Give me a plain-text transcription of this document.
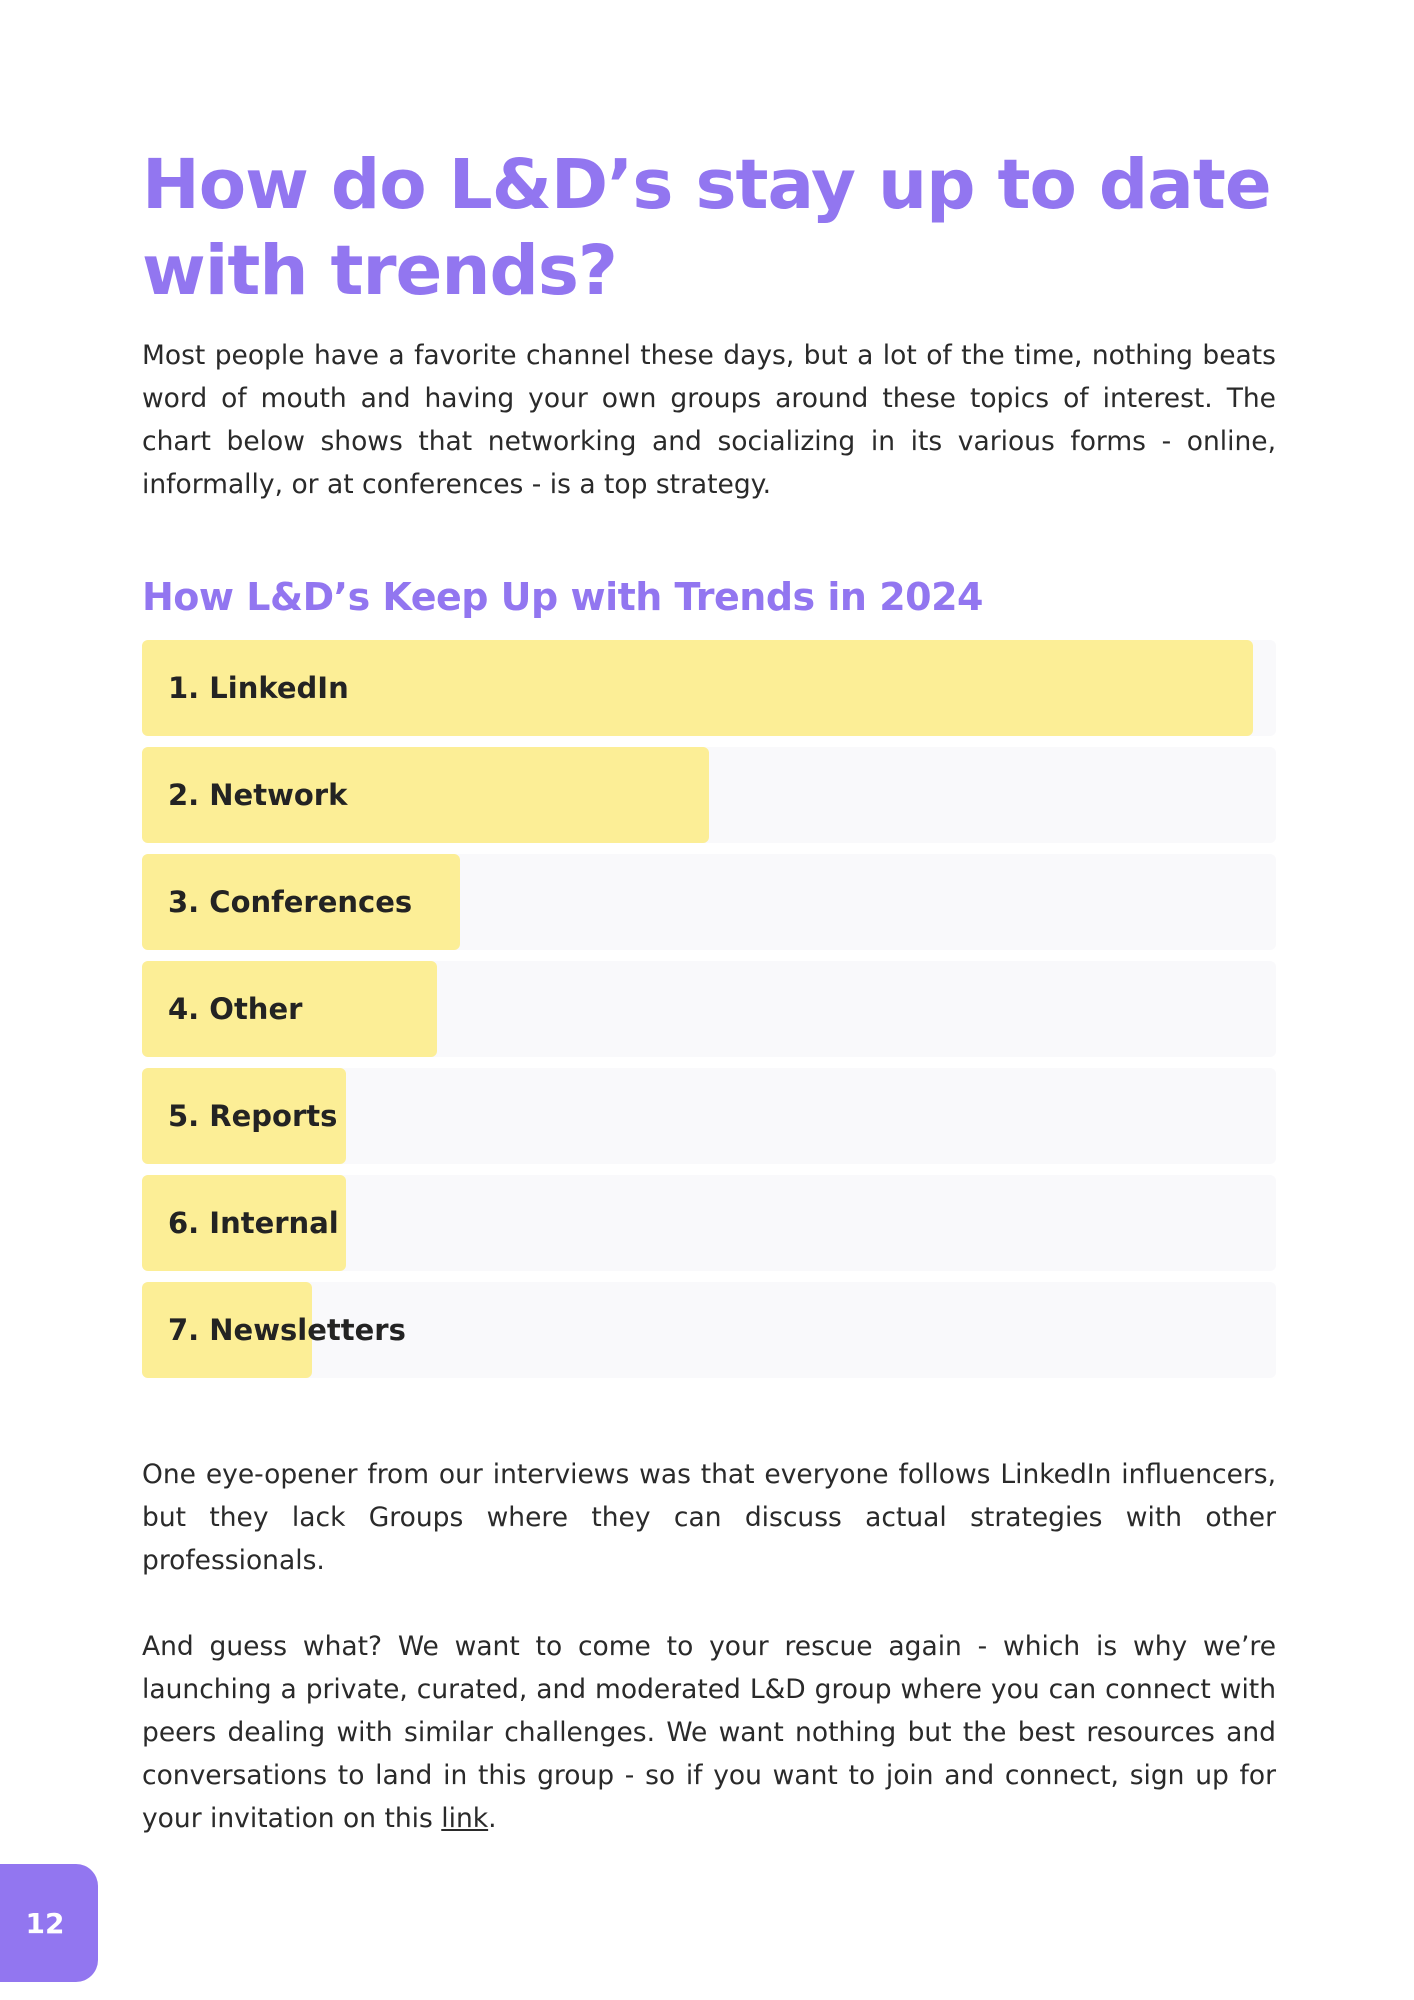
How do L&D’s stay up to date with trends?

Most people have a favorite channel these days, but a lot of the time, nothing beats word of mouth and having your own groups around these topics of interest. The chart below shows that networking and socializing in its various forms - online, informally, or at conferences - is a top strategy.

How L&D’s Keep Up with Trends in 2024
1. LinkedIn
2. Network
3. Conferences
4. Other
5. Reports
6. Internal
7. Newsletters

One eye-opener from our interviews was that everyone follows LinkedIn influencers, but they lack Groups where they can discuss actual strategies with other professionals.

And guess what? We want to come to your rescue again - which is why we’re launching a private, curated, and moderated L&D group where you can connect with peers dealing with similar challenges. We want nothing but the best resources and conversations to land in this group - so if you want to join and connect, sign up for your invitation on this link.

12
